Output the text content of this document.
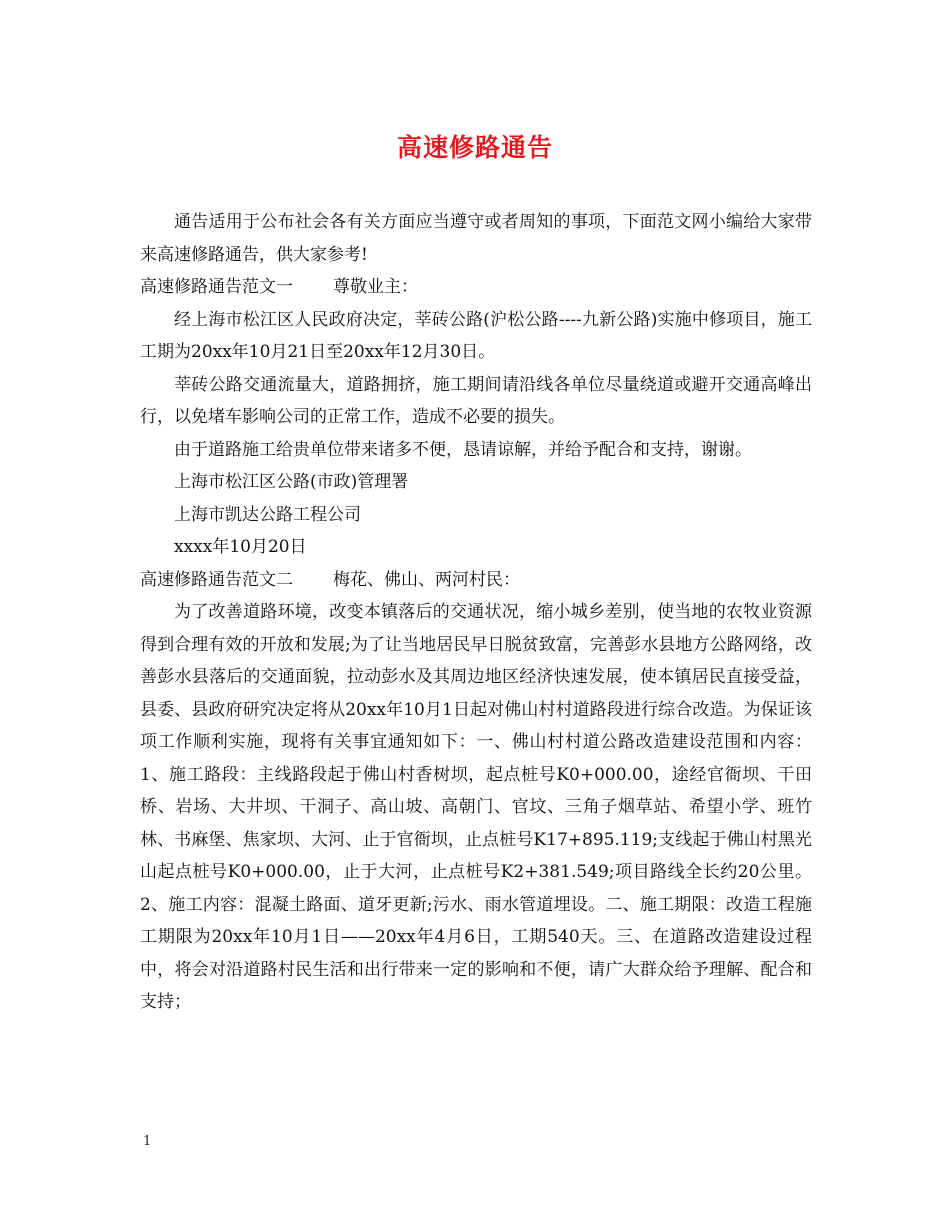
高速修路通告

通告适用于公布社会各有关方面应当遵守或者周知的事项，下面范文网小编给大家带来高速修路通告，供大家参考!

高速修路通告范文一 尊敬业主：

经上海市松江区人民政府决定，莘砖公路(沪松公路----九新公路)实施中修项目，施工工期为20xx年10月21日至20xx年12月30日。

莘砖公路交通流量大，道路拥挤，施工期间请沿线各单位尽量绕道或避开交通高峰出行，以免堵车影响公司的正常工作，造成不必要的损失。

由于道路施工给贵单位带来诸多不便，恳请谅解，并给予配合和支持，谢谢。

上海市松江区公路(市政)管理署

上海市凯达公路工程公司

xxxx年10月20日

高速修路通告范文二 梅花、佛山、两河村民：

为了改善道路环境，改变本镇落后的交通状况，缩小城乡差别，使当地的农牧业资源得到合理有效的开放和发展;为了让当地居民早日脱贫致富，完善彭水县地方公路网络，改善彭水县落后的交通面貌，拉动彭水及其周边地区经济快速发展，使本镇居民直接受益，县委、县政府研究决定将从20xx年10月1日起对佛山村村道路段进行综合改造。为保证该项工作顺利实施，现将有关事宜通知如下：一、佛山村村道公路改造建设范围和内容：1、施工路段：主线路段起于佛山村香树坝，起点桩号K0+000.00，途经官衙坝、干田桥、岩场、大井坝、干洞子、高山坡、高朝门、官坟、三角子烟草站、希望小学、班竹林、书麻堡、焦家坝、大河、止于官衙坝，止点桩号K17+895.119;支线起于佛山村黑光山起点桩号K0+000.00，止于大河，止点桩号K2+381.549;项目路线全长约20公里。2、施工内容：混凝土路面、道牙更新;污水、雨水管道埋设。二、施工期限：改造工程施工期限为20xx年10月1日——20xx年4月6日，工期540天。三、在道路改造建设过程中，将会对沿道路村民生活和出行带来一定的影响和不便，请广大群众给予理解、配合和支持；

1
